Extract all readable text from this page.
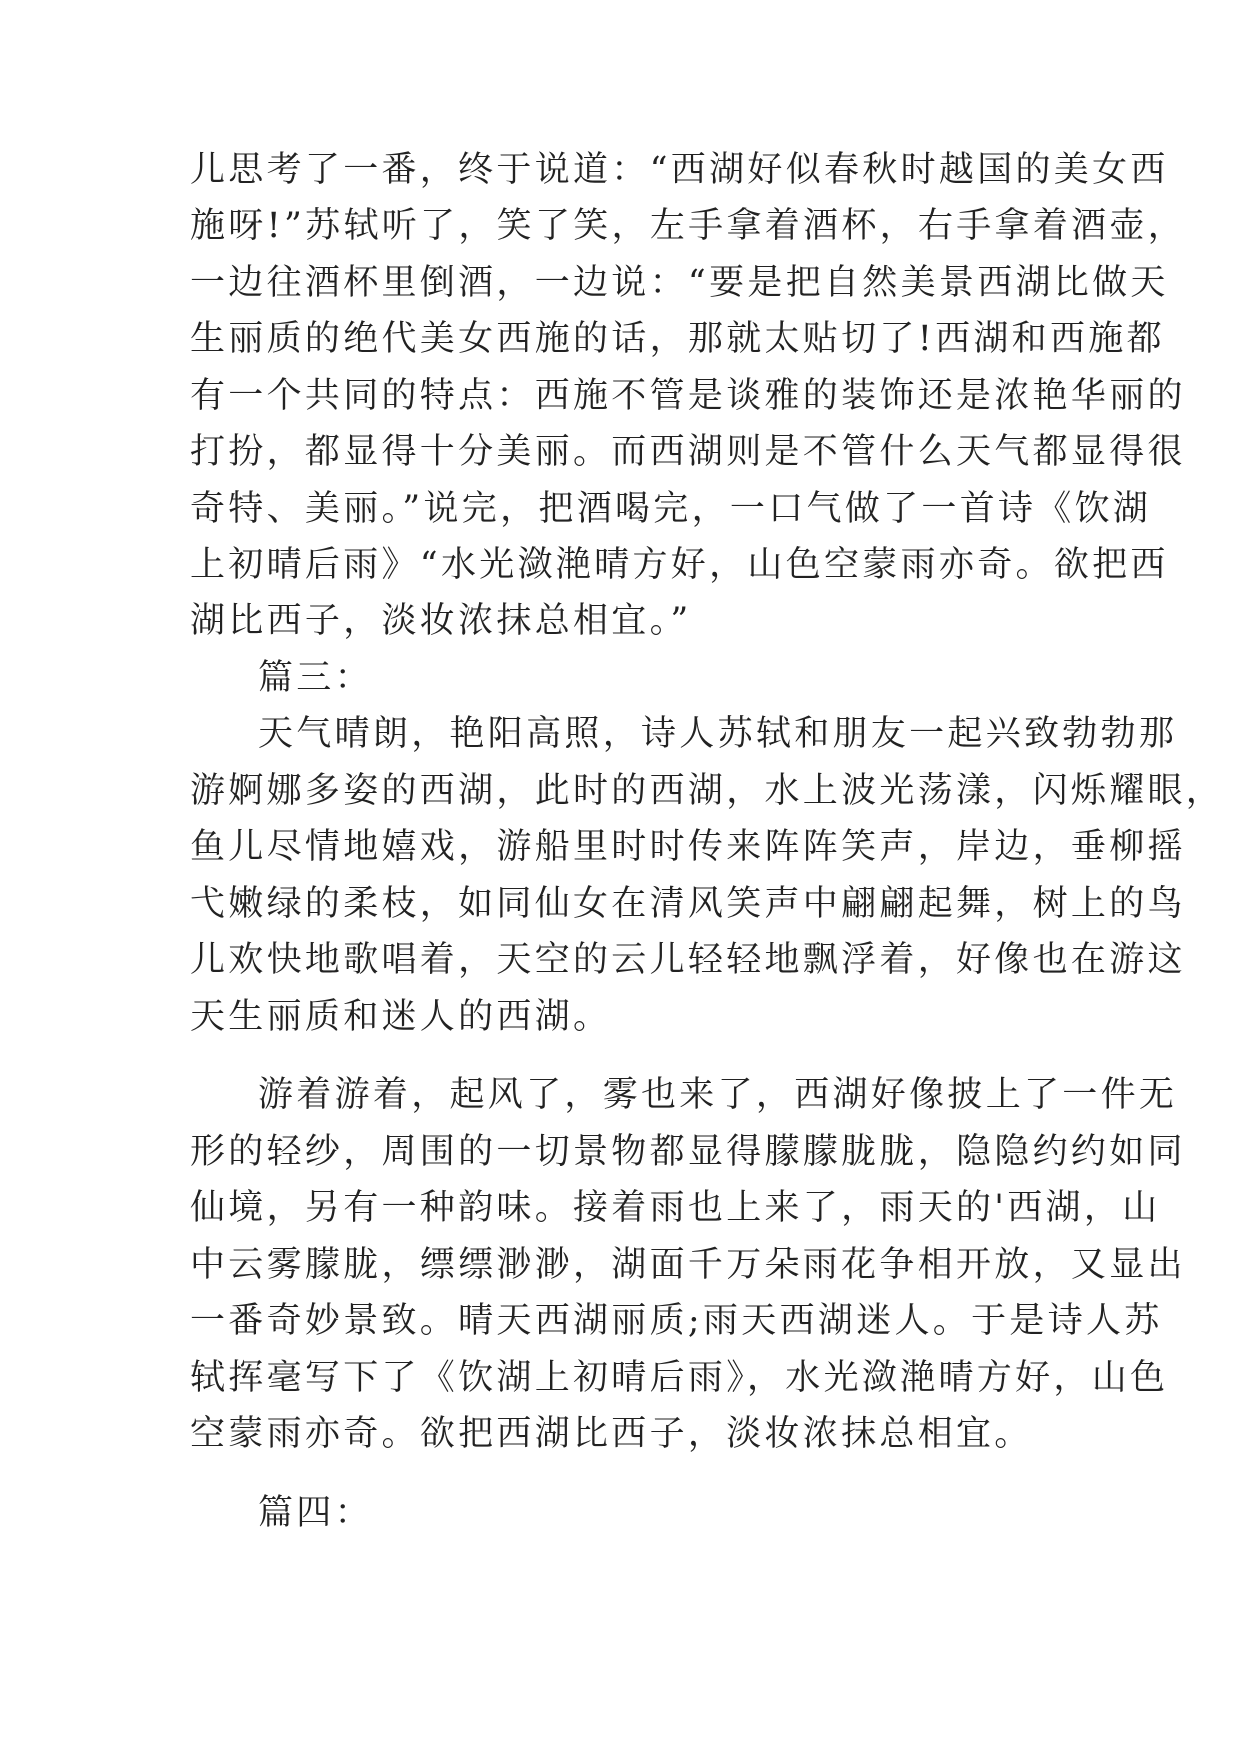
儿思考了一番，终于说道：“西湖好似春秋时越国的美女西
施呀!”苏轼听了，笑了笑，左手拿着酒杯，右手拿着酒壶，
一边往酒杯里倒酒，一边说：“要是把自然美景西湖比做天
生丽质的绝代美女西施的话，那就太贴切了!西湖和西施都
有一个共同的特点：西施不管是谈雅的装饰还是浓艳华丽的
打扮，都显得十分美丽。而西湖则是不管什么天气都显得很
奇特、美丽。”说完，把酒喝完，一口气做了一首诗《饮湖
上初晴后雨》“水光潋滟晴方好，山色空蒙雨亦奇。欲把西
湖比西子，淡妆浓抹总相宜。”
篇三：
天气晴朗，艳阳高照，诗人苏轼和朋友一起兴致勃勃那
游婀娜多姿的西湖，此时的西湖，水上波光荡漾，闪烁耀眼，
鱼儿尽情地嬉戏，游船里时时传来阵阵笑声，岸边，垂柳摇
弋嫩绿的柔枝，如同仙女在清风笑声中翩翩起舞，树上的鸟
儿欢快地歌唱着，天空的云儿轻轻地飘浮着，好像也在游这
天生丽质和迷人的西湖。
游着游着，起风了，雾也来了，西湖好像披上了一件无
形的轻纱，周围的一切景物都显得朦朦胧胧，隐隐约约如同
仙境，另有一种韵味。接着雨也上来了，雨天的'西湖，山
中云雾朦胧，缥缥渺渺，湖面千万朵雨花争相开放，又显出
一番奇妙景致。晴天西湖丽质;雨天西湖迷人。于是诗人苏
轼挥毫写下了《饮湖上初晴后雨》，水光潋滟晴方好，山色
空蒙雨亦奇。欲把西湖比西子，淡妆浓抹总相宜。
篇四：
